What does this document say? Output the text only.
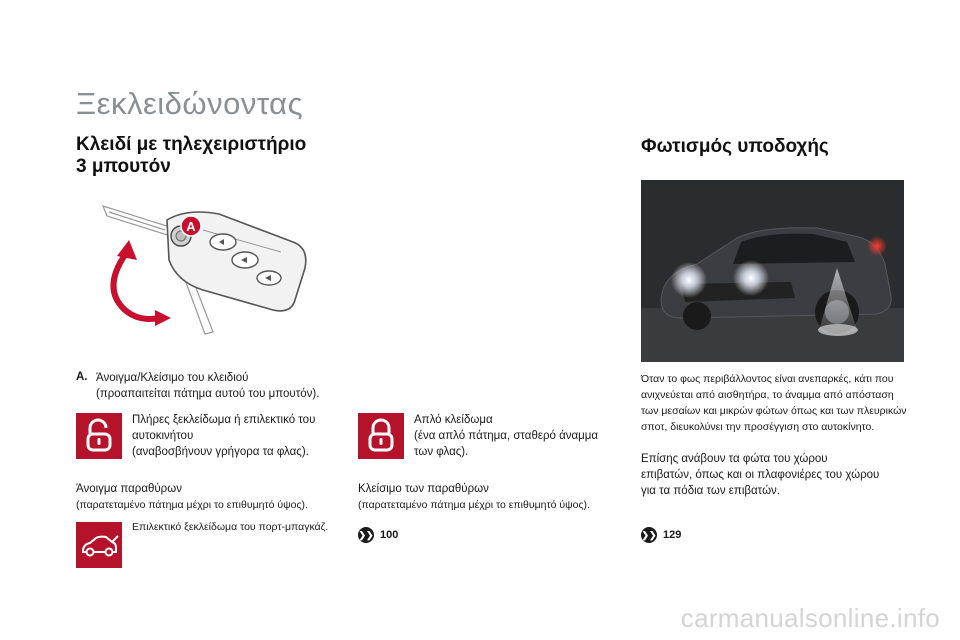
Ξεκλειδώνοντας
Κλειδί με τηλεχειριστήριο
3 μπουτόν
Φωτισμός υποδοχής
A
A. Άνοιγμα/Κλείσιμο του κλειδιού
(προαπαιτείται πάτημα αυτού του μπουτόν).
Πλήρες ξεκλείδωμα ή επιλεκτικό του
αυτοκινήτου
(αναβοσβήνουν γρήγορα τα φλας).
Απλό κλείδωμα
(ένα απλό πάτημα, σταθερό άναμμα
των φλας).
Άνοιγμα παραθύρων
(παρατεταμένο πάτημα μέχρι το επιθυμητό ύψος).
Κλείσιμο των παραθύρων
(παρατεταμένο πάτημα μέχρι το επιθυμητό ύψος).
Επιλεκτικό ξεκλείδωμα του πορτ-μπαγκάζ.
❯❯ 100	❯❯ 129
Όταν το φως περιβάλλοντος είναι ανεπαρκές, κάτι που
ανιχνεύεται από αισθητήρα, το άναμμα από απόσταση
των μεσαίων και μικρών φώτων όπως και των πλευρικών
σποτ, διευκολύνει την προσέγγιση στο αυτοκίνητο.
Επίσης ανάβουν τα φώτα του χώρου
επιβατών, όπως και οι πλαφονιέρες του χώρου
για τα πόδια των επιβατών.
carmanualsonline.info
